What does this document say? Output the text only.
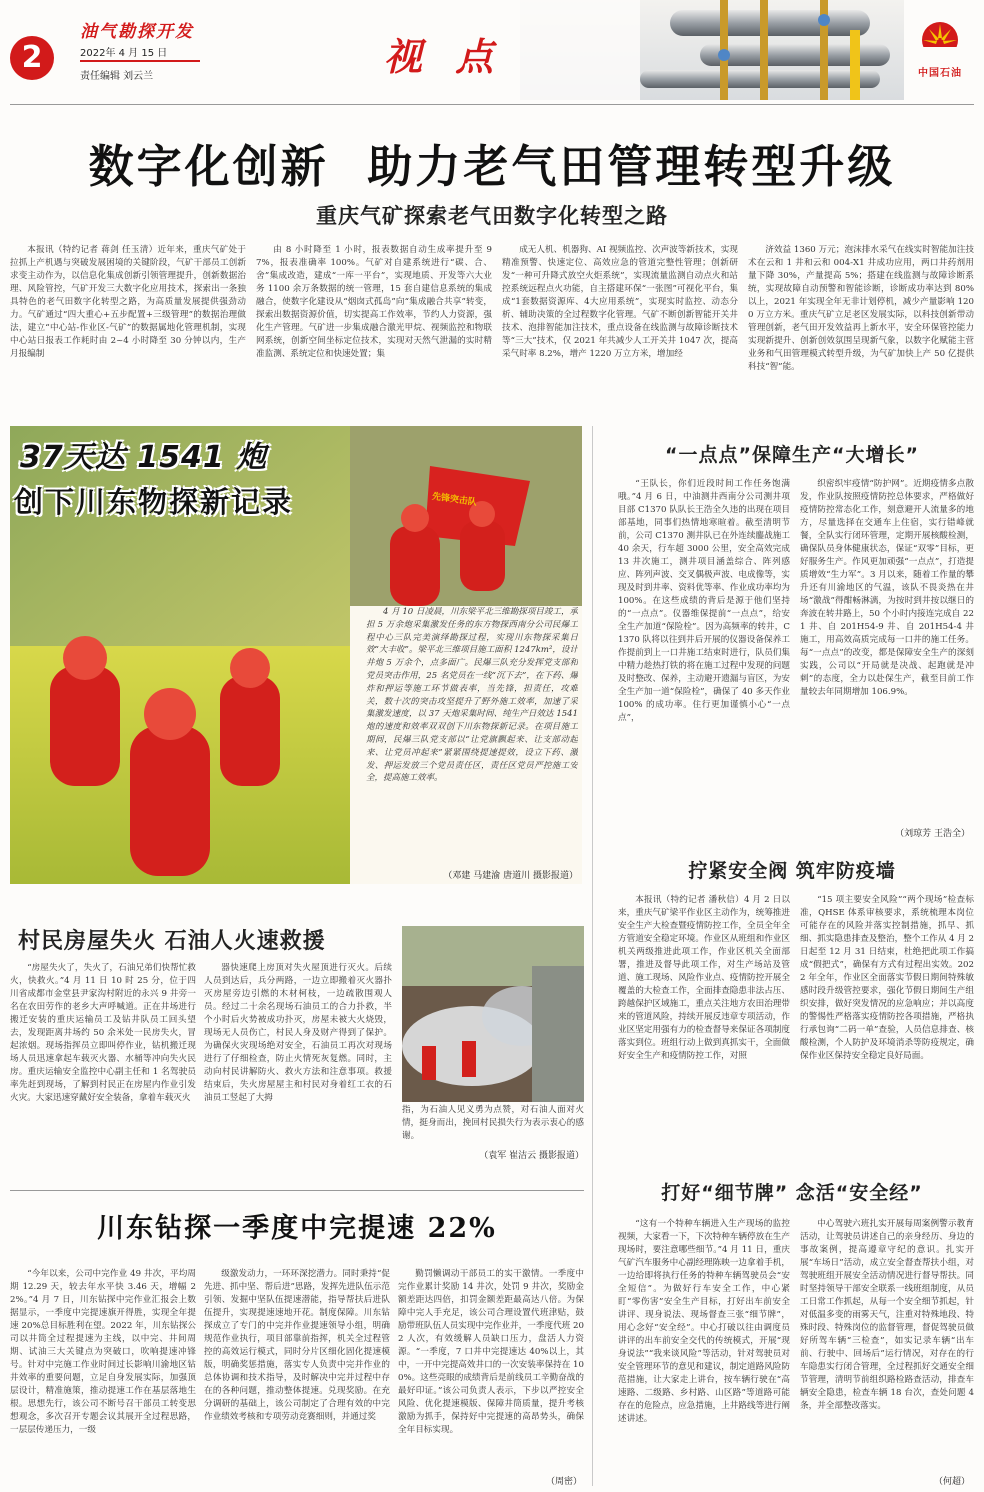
2
油气勘探开发
2022年 4 月 15 日
责任编辑 刘云兰	视 点	中国石油
数字化创新 助力老气田管理转型升级
重庆气矿探索老气田数字化转型之路

本报讯（特约记者 蒋剑 任玉清）近年来，重庆气矿处于拉抓上产机遇与突破发展困境的关键阶段，气矿干部员工创新求变主动作为，以信息化集成创新引领管理提升，创新数据治理、风险管控，气矿开发三大数字化应用技术，探索出一条独具特色的老气田数字化转型之路，为高质量发展提供强劲动力。气矿通过“四大重心+五步配置+三级管理”的数据治理做法，建立“中心站-作业区-气矿”的数据属地化管理机制，实现中心站日报表工作耗时由 2~4 小时降至 30 分钟以内，生产月报编制

由 8 小时降至 1 小时，报表数据自动生成率提升至 97%，报表准确率 100%。气矿对自建系统进行“碳、合、舍”集成改造，建成“一库一平台”，实现地质、开发等六大业务 1100 余万条数据的统一管理，15 套自建信息系统的集成融合，使数字化建设从“烟囱式孤岛”向“集成融合共享”转变，探索出数据资源价值，切实提高工作效率，节约人力资源，强化生产管理。气矿进一步集成融合激光甲烷、视频监控和物联网系统，创新空间坐标定位技术，实现对天然气泄漏的实时精准监测、系统定位和快速处置；集

成无人机、机器狗、AI 视频监控、次声波等新技术，实现精准预警、快速定位、高效应急的管道完整性管理；创新研发“一种可升降式放空火炬系统”，实现流量监测自动点火和站控系统远程点火功能，自主搭建环保“一张图”可视化平台，集成“1套数据资源库、4大应用系统”，实现实时监控、动态分析、辅助决策的全过程数字化管理。气矿不断创新智能开关井技术、泡排智能加注技术，重点设备在线监测与故障诊断技术等“三大”技术，仅 2021 年共减少人工开关井 1047 次，提高采气时率 8.2%，增产 1220 万立方米，增加经

济效益 1360 万元；泡沫排水采气在线实时智能加注技术在云和 1 井和云和 004-X1 井成功应用，两口井药剂用量下降 30%，产量提高 5%；搭建在线监测与故障诊断系统，实现故障自动预警和智能诊断，诊断成功率达到 80%以上，2021 年实现全年无非计划停机，减少产量影响 1200 万立方米。重庆气矿立足老区发展实际，以科技创新带动管理创新，老气田开发效益再上新水平，安全环保管控能力实现新提升、创新创效氛围呈现新气象，以数字化赋能主营业务和气田管理模式转型升级，为气矿加快上产 50 亿提供科技“智”能。

先锋突击队
37天达 1541 炮
创下川东物探新记录

4 月 10 日凌晨，川东梁平北三维勘探项目竣工，承担 5 万余炮采集激发任务的东方物探西南分公司民爆工程中心三队完美演绎勘探过程，实现川东物探采集日效“大丰收”。梁平北三维项目施工面积 1247km²，设计井炮 5 万余个，点多面广。民爆三队充分发挥党支部和党员突击作用，25 名党员在一线“沉下去”，在下药、爆炸和押运等施工环节做表率，当先锋，担责任，攻难关，数十次的突击攻坚提升了野外施工效率，加速了采集激发速度，以 37 天炮采集时间、纯生产日效达 1541 炮的速度和效率双双创下川东物探新记录。在项目施工期间，民爆三队党支部以“让党旗飘起来、让支部动起来、让党员冲起来”紧紧围绕提速提效，设立下药、激发、押运发放三个党员责任区，责任区党员严控施工安全，提高施工效率。

（邓建 马建渝 唐道川 摄影报道）
“一点点”保障生产“大增长”

“王队长，你们近段时间工作任务饱满哦。”4 月 6 日，中油测井西南分公司测井项目部 C1370 队队长王浩全久违的出现在项目部基地，同事们热情地寒暄着。截至清明节前，公司 C1370 测井队已在外连续鏖战施工 40 余天，行车超 3000 公里，安全高效完成 13 井次施工，测井项目涵盖综合、阵列感应、阵列声波、交叉偶极声波、电成像等，实现及时到井率、资料优等率、作业成功率均为 100%。在这些成绩的背后是源于他们坚持的“一点点”。仪器维保提前“一点点”，给安全生产加道“保险栓”。因为高频率的转井，C1370 队将以往到井后开展的仪器设备保养工作提前到上一口井施工结束时进行，队员们集中精力趁热打铁的将在施工过程中发现的问题及时整改、保养，主动避开遗漏与盲区，为安全生产加一道“保险栓”，确保了 40 多天作业 100% 的成功率。住行更加谨慎小心“一点点”，

织密织牢疫情“防护网”。近期疫情多点散发，作业队按照疫情防控总体要求，严格做好疫情防控常态化工作，刻意避开人流量多的地方，尽量选择在交通车上住宿，实行错峰就餐，全队实行闭环管理，定期开展核酸检测，确保队员身体健康状态，保证“双零”目标，更好服务生产。作风更加顽强“一点点”，打造提质增效“生力军”。3 月以来，随着工作量的攀升还有川渝地区的气温，该队不畏炎热在井场“激战”得酣畅淋漓，为按时到井按以继日的奔波在转井路上，50 个小时内接连完成自 221 井、自 201H54-9 井、自 201H54-4 井施工，用高效高质完成每一口井的施工任务。每“一点点”的改变，都是保障安全生产的深刻实践，公司以“开局就是决战、起跑就是冲刺”的态度，全力以赴保生产，截至目前工作量较去年同期增加 106.9%。

（刘琼芳 王浩全）
拧紧安全阀 筑牢防疫墙

本报讯（特约记者 潘秋信）4 月 2 日以来，重庆气矿梁平作业区主动作为，统筹推进安全生产大检查暨疫情防控工作，全员全年全方管道安全稳定环境。作业区从班组和作业区机关两级推进此项工作，作业区机关全面部署，推进及督导此项工作，对生产场站及管道、施工现场、风险作业点、疫情防控开展全覆盖的大检查工作，全面排查隐患非法占压、跨越保护区域施工，重点关注地方农田治理带来的管道风险，持续开展反违章专项活动，作业区坚定用强有力的检查督导来保证各项制度落实到位。班组行动上做到真抓实干，全面做好安全生产和疫情防控工作，对照

“15 项主要安全风险”“两个现场”检查标准，QHSE 体系审核要求，系统梳理本岗位可能存在的风险并落实控制措施，抓早、抓细、抓实隐患排查及整治，整个工作从 4 月 2 日起至 12 月 31 日结束，杜绝把此项工作搞成“假把式”，确保有方式有过程出实效。2022 年全年，作业区全面落实节假日期间特殊敏感时段升级管控要求，强化节假日期间生产组织安排，做好突发情况的应急响应；并以高度的警惕性严格落实疫情防控各项措施，严格执行承包询“二码一单”查验，人员信息排查、核酸检测，个人防护及环境消杀等防疫规定，确保作业区保持安全稳定良好局面。

打好“细节牌” 念活“安全经”

“这有一个特种车辆进入生产现场的监控视频，大家看一下，下次特种车辆停放在生产现场时，要注意哪些细节。”4 月 11 日，重庆气矿汽车服务中心副经理陈映一边拿着手机，一边给即将执行任务的特种车辆驾驶员会“安全短信”。为做好行车安全工作，中心紧盯“零伤害”安全生产目标，打好出车前安全讲评、现身说法、现场督查三张“细节牌”，用心念好“安全经”。中心打破以往由调度员讲评的出车前安全交代的传统模式，开展“现身说法”“我来谈风险”等活动，针对驾驶员对安全管理环节的意见和建议，制定道路风险防范措施，让大家走上讲台，按车辆行驶在“高速路、二级路、乡村路、山区路”等道路可能存在的危险点，应急措施，上井路线等进行阐述讲述。

中心驾驶六班扎实开展每周案例警示教育活动，让驾驶员讲述自己的亲身经历、身边的事故案例，提高遵章守纪的意识。扎实开展“车场日”活动，成立安全督查帮扶小组，对驾驶班组开展安全活动情况进行督导帮扶。同时坚持领导干部安全联系一线班组制度，从员工日常工作抓起，从每一个安全细节抓起，针对低温多变的雨雾天气，注重对特殊地段、特殊时段、特殊岗位的监督管理，督促驾驶员做好所驾车辆“三检查”，如实记录车辆“出车前、行驶中、回场后”运行情况，对存在的行车隐患实行闭合管理，全过程抓好交通安全细节管理，清明节前组织路检路查活动，排查车辆安全隐患，检查车辆 18 台次，查处问题 4 条，并全部整改落实。

（何超）
村民房屋失火 石油人火速救援

“房屋失火了，失火了，石油兄弟们快帮忙救火，快救火。”4 月 11 日 10 时 25 分，位于四川省成都市金堂县尹家沟村附近的永兴 9 井旁一名在农田劳作的老乡大声呼喊道。正在井场进行搬迁安装的重庆运输员工及钻井队员工回头望去，发现距离井场约 50 余米处一民房失火，冒起浓烟。现场指挥员立即叫停作业，钻机搬迁现场人员迅速拿起车载灭火器、水桶等冲向失火民房。重庆运输安全监控中心副主任和 1 名驾驶员率先赶到现场，了解到村民正在房屋内作业引发火灾。大家迅速穿戴好安全装备，拿着车载灭火

器快速爬上房顶对失火屋顶进行灭火。后续人员到达后，兵分两路，一边立即搬着灭火器扑灭房屋旁边引燃的木材柯枝，一边疏散围观人员。经过二十余名现场石油员工的合力扑救，半个小时后火势被成功扑灭，房屋未被大火烧毁，现场无人员伤亡，村民人身及财产得到了保护。为确保火灾现场绝对安全，石油员工再次对现场进行了仔细检查，防止火情死灰复燃。同时，主动向村民讲解防火、救火方法和注意事项。救援结束后，失火房屋屋主和村民对身着红工衣的石油员工竖起了大拇

指，为石油人见义勇为点赞，对石油人面对火情，挺身而出，挽回村民损失行为表示衷心的感谢。

（袁军 崔洁云 摄影报道）
川东钻探一季度中完提速 22%

“今年以来，公司中完作业 49 井次，平均周期 12.29 天，较去年水平快 3.46 天，增幅 22%。”4 月 7 日，川东钻探中完作业汇报会上数据显示，一季度中完提速旗开得胜，实现全年提速 20%总目标胜利在望。2022 年，川东钻探公司以井筒全过程提速为主线，以中完、井间周期、试油三大关键点为突破口，吹响提速冲锋号。针对中完施工作业时间过长影响川渝地区钻井效率的重要问题，立足自身发展实际，加强顶层设计，精准施策，推动提速工作在基层落地生根。思想先行，该公司不断号召干部员工转变思想观念，多次召开专题会议其展开全过程思路，一层层传递压力，一级

级激发动力，一环环深挖潜力。同时秉持“促先进、抓中坚、帮后进”思路，发挥先进队伍示范引领、发掘中坚队伍提速潜能，指导帮扶后进队伍提升，实现提速速地开花。制度保障。川东钻探成立了专门的中完并作业提速领导小组，明确规范作业执行，项目部靠前指挥，机关全过程管控的高效运行模式，同时分片区细化固化提速模版，明确奖惩措施，落实专人负责中完并作业的总体协调和技术指导，及时解决中完并过程中存在的各种问题，推动整体提速。兑现奖励。在充分调研的基础上，该公司制定了合理有效的中完作业绩效考核和专项劳动竞赛细则，并通过奖

勤罚懒调动干部员工的实干激情。一季度中完作业累计奖励 14 井次，处罚 9 井次，奖励金额差距达四倍，扣罚金额差距最高达八倍。为保障中完人手充足，该公司合理设置代班津贴，鼓励带班队伍人员实现中完作业并，一季度代班 202 人次，有效缓解人员缺口压力，盘活人力资源。“一季度，7 口井中完提速达 40%以上，其中，一开中完提高效井口的一次安装率保持在 100%。这些亮眼的成绩背后是前线员工辛勤奋战的最好印证。”该公司负责人表示，下步以严控安全风险、优化提速模版、保障井筒质量，提升考核激励为抓手，保持好中完提速的高昂势头，确保全年目标实现。

（周密）
